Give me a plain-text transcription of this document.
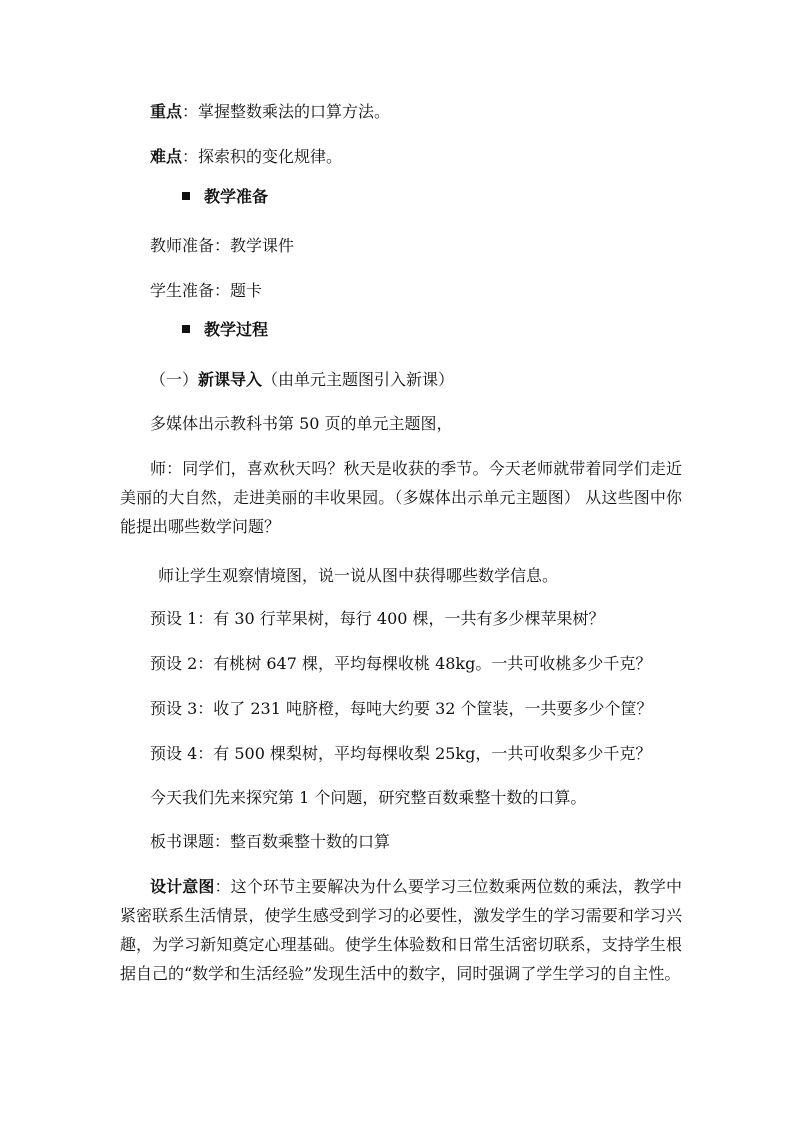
重点：掌握整数乘法的口算方法。
难点：探索积的变化规律。
教学准备
教师准备：教学课件
学生准备：题卡
教学过程
（一）新课导入（由单元主题图引入新课）
多媒体出示教科书第 50 页的单元主题图，
师：同学们，喜欢秋天吗？秋天是收获的季节。今天老师就带着同学们走近美丽的大自然，走进美丽的丰收果园。（多媒体出示单元主题图） 从这些图中你能提出哪些数学问题？
师让学生观察情境图，说一说从图中获得哪些数学信息。
预设 1：有 30 行苹果树，每行 400 棵，一共有多少棵苹果树？
预设 2：有桃树 647 棵，平均每棵收桃 48kg。一共可收桃多少千克？
预设 3：收了 231 吨脐橙，每吨大约要 32 个筐装，一共要多少个筐？
预设 4：有 500 棵梨树，平均每棵收梨 25kg，一共可收梨多少千克？
今天我们先来探究第 1 个问题，研究整百数乘整十数的口算。
板书课题：整百数乘整十数的口算
设计意图：这个环节主要解决为什么要学习三位数乘两位数的乘法，教学中紧密联系生活情景，使学生感受到学习的必要性，激发学生的学习需要和学习兴趣，为学习新知奠定心理基础。使学生体验数和日常生活密切联系，支持学生根据自己的“数学和生活经验”发现生活中的数字，同时强调了学生学习的自主性。
